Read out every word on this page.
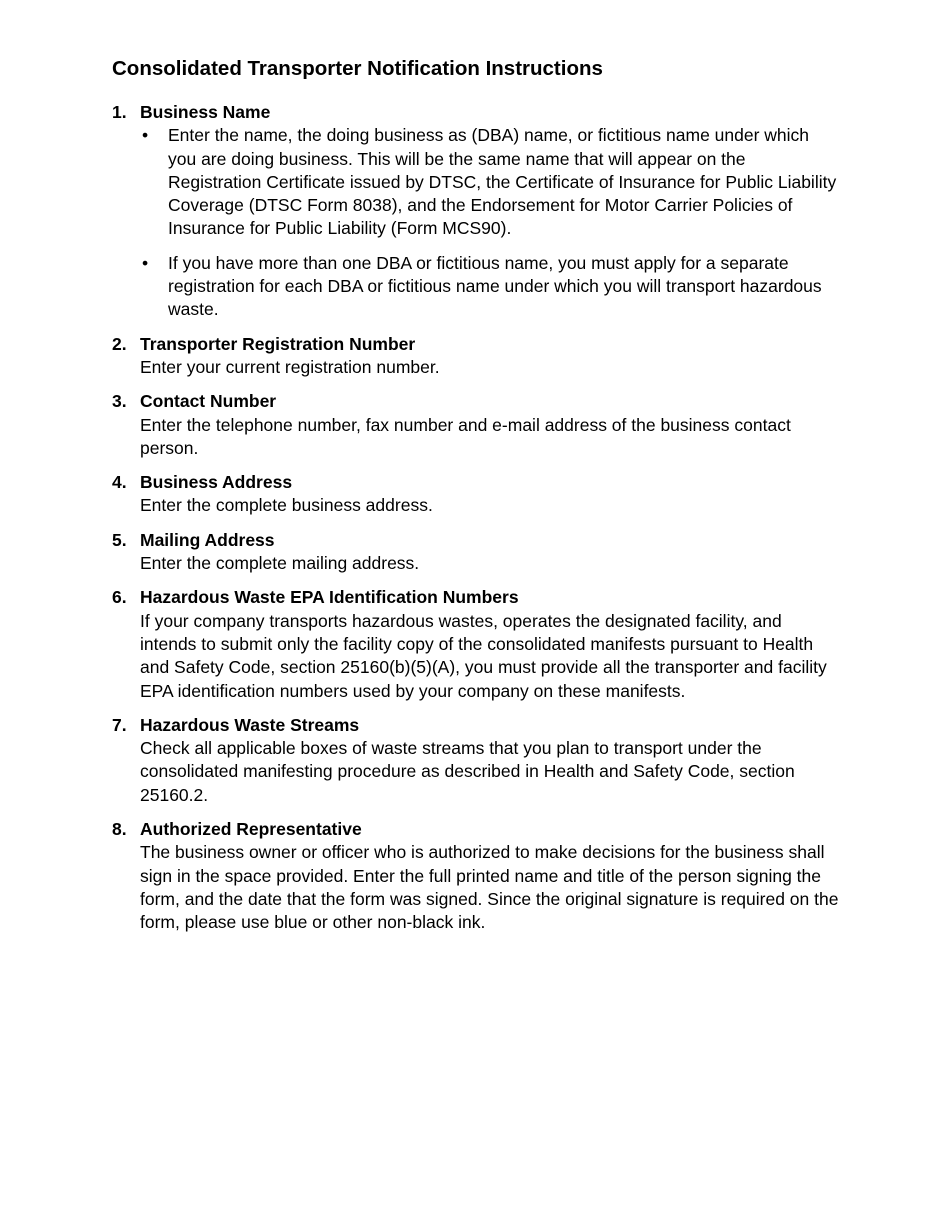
Consolidated Transporter Notification Instructions
1. Business Name
• Enter the name, the doing business as (DBA) name, or fictitious name under which you are doing business. This will be the same name that will appear on the Registration Certificate issued by DTSC, the Certificate of Insurance for Public Liability Coverage (DTSC Form 8038), and the Endorsement for Motor Carrier Policies of Insurance for Public Liability (Form MCS90).
• If you have more than one DBA or fictitious name, you must apply for a separate registration for each DBA or fictitious name under which you will transport hazardous waste.
2. Transporter Registration Number
Enter your current registration number.
3. Contact Number
Enter the telephone number, fax number and e-mail address of the business contact person.
4. Business Address
Enter the complete business address.
5. Mailing Address
Enter the complete mailing address.
6. Hazardous Waste EPA Identification Numbers
If your company transports hazardous wastes, operates the designated facility, and intends to submit only the facility copy of the consolidated manifests pursuant to Health and Safety Code, section 25160(b)(5)(A), you must provide all the transporter and facility EPA identification numbers used by your company on these manifests.
7. Hazardous Waste Streams
Check all applicable boxes of waste streams that you plan to transport under the consolidated manifesting procedure as described in Health and Safety Code, section 25160.2.
8. Authorized Representative
The business owner or officer who is authorized to make decisions for the business shall sign in the space provided. Enter the full printed name and title of the person signing the form, and the date that the form was signed. Since the original signature is required on the form, please use blue or other non-black ink.
